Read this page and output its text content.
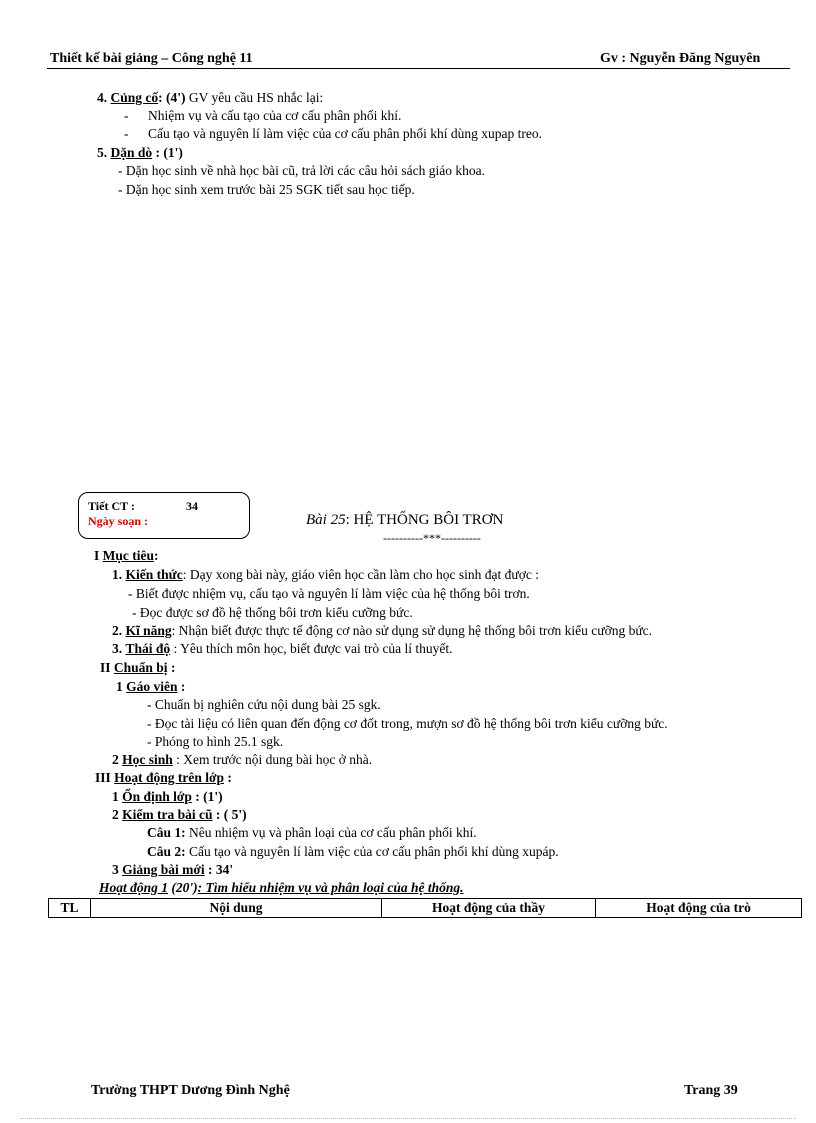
Thiết kế bài giảng – Công nghệ 11	Gv : Nguyễn Đăng Nguyên
4. Củng cố: (4') GV yêu cầu HS nhắc lại:
- Nhiệm vụ và cấu tạo của cơ cấu phân phối khí.
- Cấu tạo và nguyên lí làm việc của cơ cấu phân phối khí dùng xupap treo.
5. Dặn dò : (1')
- Dặn học sinh về nhà học bài cũ, trả lời các câu hỏi sách giáo khoa.
- Dặn học sinh xem trước bài 25 SGK tiết sau học tiếp.
Tiết CT :	34
Ngày soạn :	Bài 25: HỆ THỐNG BÔI TRƠN
----------***----------
I Mục tiêu:
1. Kiến thức: Dạy xong bài này, giáo viên học cần làm cho học sinh đạt được :
- Biết được nhiệm vụ, cấu tạo và nguyên lí làm việc của hệ thống bôi trơn.
- Đọc được sơ đồ hệ thống bôi trơn kiểu cưỡng bức.
2. Kĩ năng: Nhận biết được thực tế động cơ nào sử dụng sử dụng hệ thống bôi trơn kiểu cưỡng bức.
3. Thái độ : Yêu thích môn học, biết được vai trò của lí thuyết.
II Chuẩn bị :
1 Gáo viên :
- Chuẩn bị nghiên cứu nội dung bài 25 sgk.
- Đọc tài liệu có liên quan đến động cơ đốt trong, mượn sơ đồ hệ thống bôi trơn kiểu cưỡng bức.
- Phóng to hình 25.1 sgk.
2 Học sinh : Xem trước nội dung bài học ở nhà.
III Hoạt động trên lớp :
1 Ổn định lớp : (1')
2 Kiểm tra bài cũ : ( 5')
Câu 1: Nêu nhiệm vụ và phân loại của cơ cấu phân phối khí.
Câu 2: Cấu tạo và nguyên lí làm việc của cơ cấu phân phối khí dùng xupáp.
3 Giảng bài mới : 34'
Hoạt động 1 (20'): Tìm hiểu nhiệm vụ và phân loại của hệ thống.
TL	Nội dung	Hoạt động của thầy	Hoạt động của trò
Trường THPT Dương Đình Nghệ	Trang 39
